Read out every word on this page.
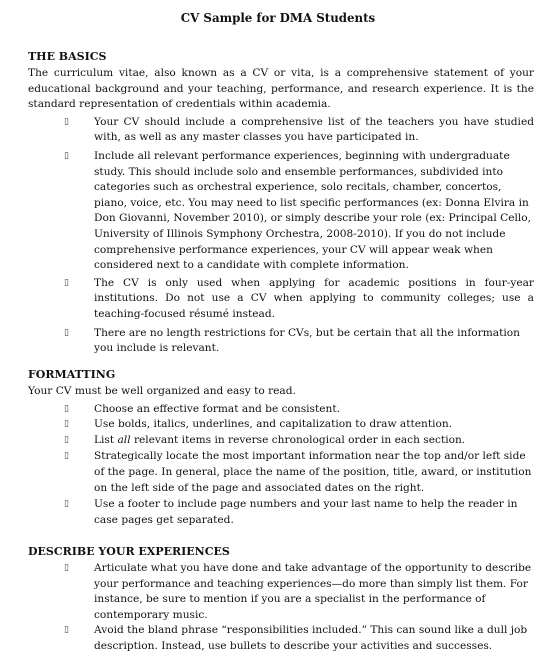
CV Sample for DMA Students
THE BASICS

The curriculum vitae, also known as a CV or vita, is a comprehensive statement of your educational background and your teaching, performance, and research experience. It is the standard representation of credentials within academia.

▯	Your CV should include a comprehensive list of the teachers you have studied with, as well as any master classes you have participated in.
▯	Include all relevant performance experiences, beginning with undergraduate study. This should include solo and ensemble performances, subdivided into categories such as orchestral experience, solo recitals, chamber, concertos, piano, voice, etc. You may need to list specific performances (ex: Donna Elvira in Don Giovanni, November 2010), or simply describe your role (ex: Principal Cello, University of Illinois Symphony Orchestra, 2008-2010). If you do not include comprehensive performance experiences, your CV will appear weak when considered next to a candidate with complete information.
▯	The CV is only used when applying for academic positions in four-year institutions. Do not use a CV when applying to community colleges; use a teaching-focused résumé instead.
▯	There are no length restrictions for CVs, but be certain that all the information you include is relevant.
FORMATTING

Your CV must be well organized and easy to read.

▯	Choose an effective format and be consistent.
▯	Use bolds, italics, underlines, and capitalization to draw attention.
▯	List all relevant items in reverse chronological order in each section.
▯	Strategically locate the most important information near the top and/or left side of the page. In general, place the name of the position, title, award, or institution on the left side of the page and associated dates on the right.
▯	Use a footer to include page numbers and your last name to help the reader in case pages get separated.
DESCRIBE YOUR EXPERIENCES
▯	Articulate what you have done and take advantage of the opportunity to describe your performance and teaching experiences—do more than simply list them. For instance, be sure to mention if you are a specialist in the performance of contemporary music.
▯	Avoid the bland phrase “responsibilities included.” This can sound like a dull job description. Instead, use bullets to describe your activities and successes.
